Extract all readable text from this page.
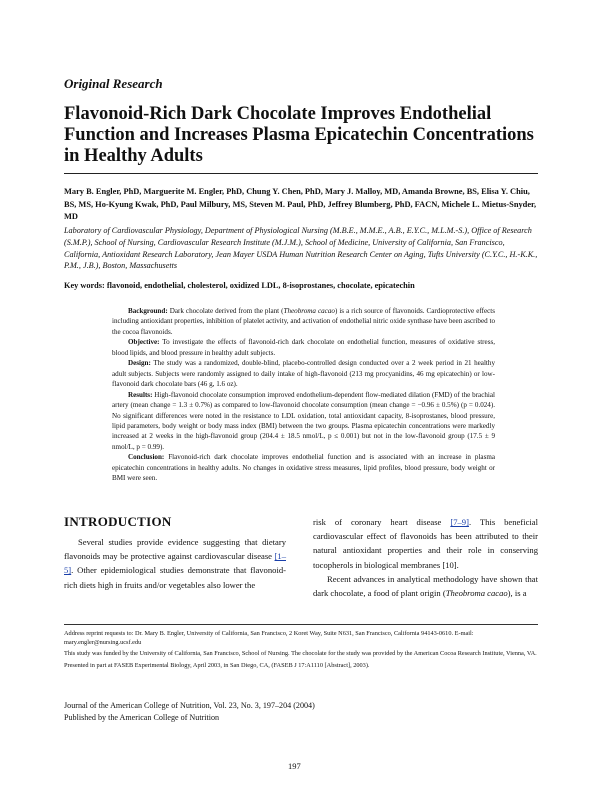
Original Research
Flavonoid-Rich Dark Chocolate Improves Endothelial Function and Increases Plasma Epicatechin Concentrations in Healthy Adults
Mary B. Engler, PhD, Marguerite M. Engler, PhD, Chung Y. Chen, PhD, Mary J. Malloy, MD, Amanda Browne, BS, Elisa Y. Chiu, BS, MS, Ho-Kyung Kwak, PhD, Paul Milbury, MS, Steven M. Paul, PhD, Jeffrey Blumberg, PhD, FACN, Michele L. Mietus-Snyder, MD
Laboratory of Cardiovascular Physiology, Department of Physiological Nursing (M.B.E., M.M.E., A.B., E.Y.C., M.L.M.-S.), Office of Research (S.M.P.), School of Nursing, Cardiovascular Research Institute (M.J.M.), School of Medicine, University of California, San Francisco, California, Antioxidant Research Laboratory, Jean Mayer USDA Human Nutrition Research Center on Aging, Tufts University (C.Y.C., H.-K.K., P.M., J.B.), Boston, Massachusetts
Key words: flavonoid, endothelial, cholesterol, oxidized LDL, 8-isoprostanes, chocolate, epicatechin

Background: Dark chocolate derived from the plant (Theobroma cacao) is a rich source of flavonoids. Cardioprotective effects including antioxidant properties, inhibition of platelet activity, and activation of endothelial nitric oxide synthase have been ascribed to the cocoa flavonoids.

Objective: To investigate the effects of flavonoid-rich dark chocolate on endothelial function, measures of oxidative stress, blood lipids, and blood pressure in healthy adult subjects.

Design: The study was a randomized, double-blind, placebo-controlled design conducted over a 2 week period in 21 healthy adult subjects. Subjects were randomly assigned to daily intake of high-flavonoid (213 mg procyanidins, 46 mg epicatechin) or low-flavonoid dark chocolate bars (46 g, 1.6 oz).

Results: High-flavonoid chocolate consumption improved endothelium-dependent flow-mediated dilation (FMD) of the brachial artery (mean change = 1.3 ± 0.7%) as compared to low-flavonoid chocolate consumption (mean change = −0.96 ± 0.5%) (p = 0.024). No significant differences were noted in the resistance to LDL oxidation, total antioxidant capacity, 8-isoprostanes, blood pressure, lipid parameters, body weight or body mass index (BMI) between the two groups. Plasma epicatechin concentrations were markedly increased at 2 weeks in the high-flavonoid group (204.4 ± 18.5 nmol/L, p ≤ 0.001) but not in the low-flavonoid group (17.5 ± 9 nmol/L, p = 0.99).

Conclusion: Flavonoid-rich dark chocolate improves endothelial function and is associated with an increase in plasma epicatechin concentrations in healthy adults. No changes in oxidative stress measures, lipid profiles, blood pressure, body weight or BMI were seen.

INTRODUCTION

Several studies provide evidence suggesting that dietary flavonoids may be protective against cardiovascular disease [1–5]. Other epidemiological studies demonstrate that flavonoid-rich diets high in fruits and/or vegetables also lower the

risk of coronary heart disease [7–9]. This beneficial cardiovascular effect of flavonoids has been attributed to their natural antioxidant properties and their role in conserving tocopherols in biological membranes [10].

Recent advances in analytical methodology have shown that dark chocolate, a food of plant origin (Theobroma cacao), is a

Address reprint requests to: Dr. Mary B. Engler, University of California, San Francisco, 2 Koret Way, Suite N631, San Francisco, California 94143-0610. E-mail: mary.engler@nursing.ucsf.edu

This study was funded by the University of California, San Francisco, School of Nursing. The chocolate for the study was provided by the American Cocoa Research Institute, Vienna, VA.

Presented in part at FASEB Experimental Biology, April 2003, in San Diego, CA, (FASEB J 17:A1110 [Abstract], 2003).

Journal of the American College of Nutrition, Vol. 23, No. 3, 197–204 (2004)
Published by the American College of Nutrition
197
